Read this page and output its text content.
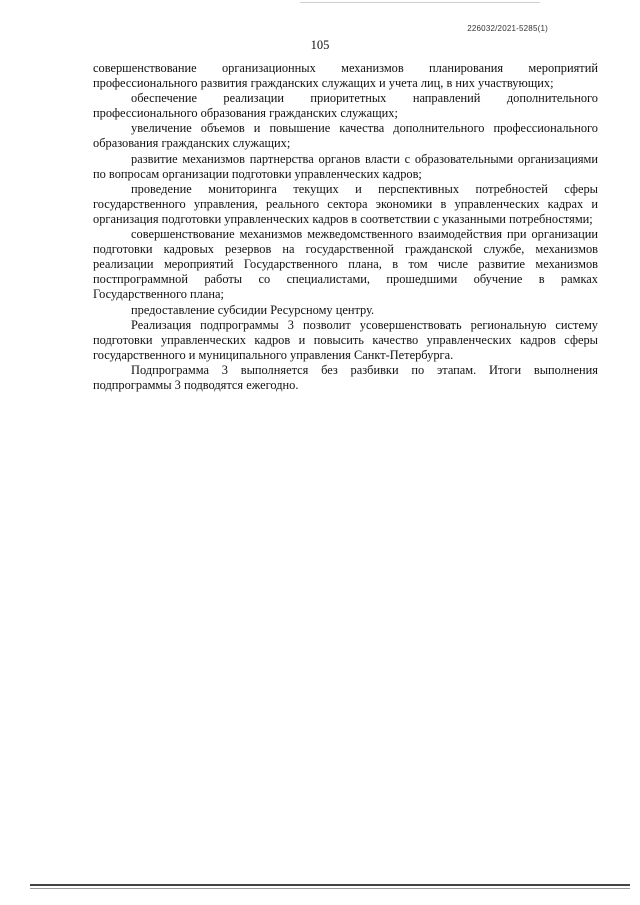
226032/2021-5285(1)
105

совершенствование организационных механизмов планирования мероприятий профессионального развития гражданских служащих и учета лиц, в них участвующих;

обеспечение реализации приоритетных направлений дополнительного профессионального образования гражданских служащих;

увеличение объемов и повышение качества дополнительного профессионального образования гражданских служащих;

развитие механизмов партнерства органов власти с образовательными организациями по вопросам организации подготовки управленческих кадров;

проведение мониторинга текущих и перспективных потребностей сферы государственного управления, реального сектора экономики в управленческих кадрах и организация подготовки управленческих кадров в соответствии с указанными потребностями;

совершенствование механизмов межведомственного взаимодействия при организации подготовки кадровых резервов на государственной гражданской службе, механизмов реализации мероприятий Государственного плана, в том числе развитие механизмов постпрограммной работы со специалистами, прошедшими обучение в рамках Государственного плана;

предоставление субсидии Ресурсному центру.

Реализация подпрограммы 3 позволит усовершенствовать региональную систему подготовки управленческих кадров и повысить качество управленческих кадров сферы государственного и муниципального управления Санкт-Петербурга.

Подпрограмма 3 выполняется без разбивки по этапам. Итоги выполнения подпрограммы 3 подводятся ежегодно.
